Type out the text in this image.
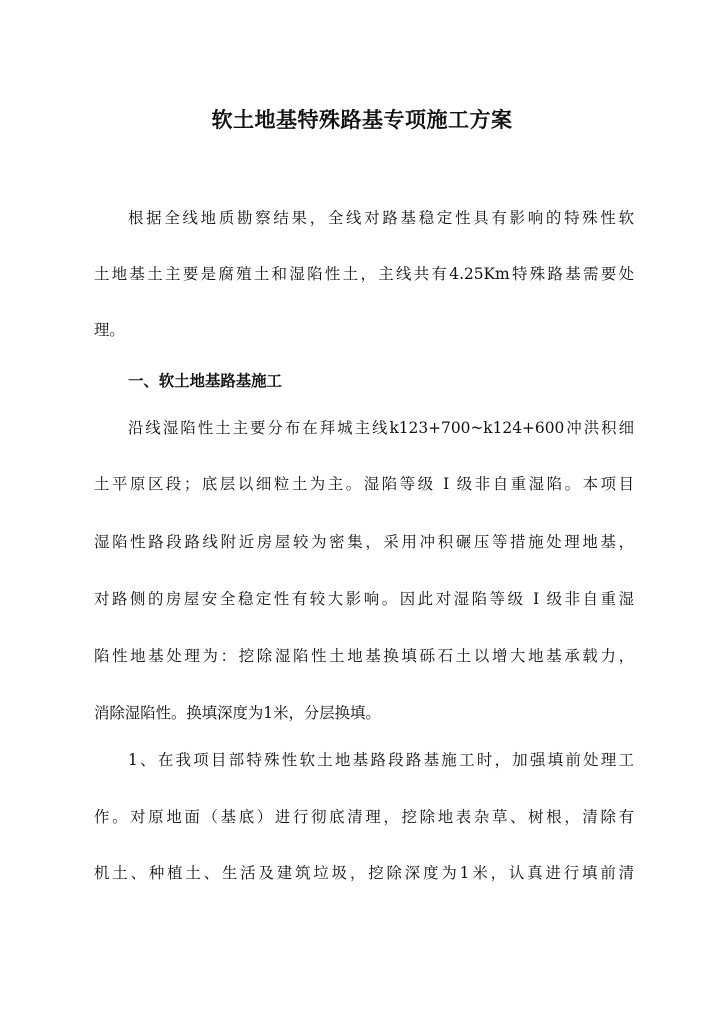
软土地基特殊路基专项施工方案

根据全线地质勘察结果，全线对路基稳定性具有影响的特殊性软

土地基土主要是腐殖土和湿陷性土，主线共有4.25Km特殊路基需要处

理。

一、软土地基路基施工

沿线湿陷性土主要分布在拜城主线k123+700~k124+600冲洪积细

土平原区段；底层以细粒土为主。湿陷等级 I 级非自重湿陷。本项目

湿陷性路段路线附近房屋较为密集，采用冲积碾压等措施处理地基，

对路侧的房屋安全稳定性有较大影响。因此对湿陷等级 I 级非自重湿

陷性地基处理为：挖除湿陷性土地基换填砾石土以增大地基承载力，

消除湿陷性。换填深度为1米，分层换填。

1、在我项目部特殊性软土地基路段路基施工时，加强填前处理工

作。对原地面（基底）进行彻底清理，挖除地表杂草、树根，清除有

机土、种植土、生活及建筑垃圾，挖除深度为1米，认真进行填前清
